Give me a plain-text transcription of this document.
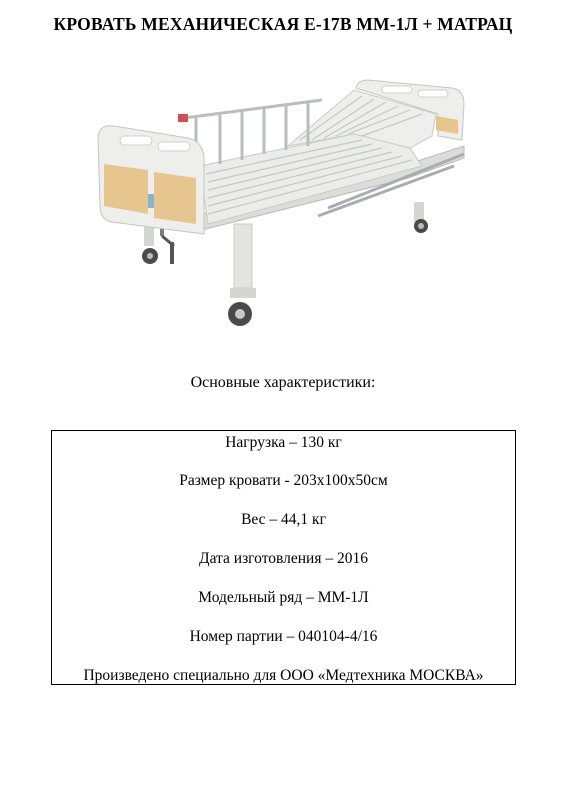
КРОВАТЬ МЕХАНИЧЕСКАЯ Е-17В ММ-1Л + МАТРАЦ
Основные характеристики:
Нагрузка – 130 кг
Размер кровати - 203х100х50см
Вес – 44,1 кг
Дата изготовления – 2016
Модельный ряд – ММ-1Л
Номер партии – 040104-4/16
Произведено специально для ООО «Медтехника МОСКВА»
